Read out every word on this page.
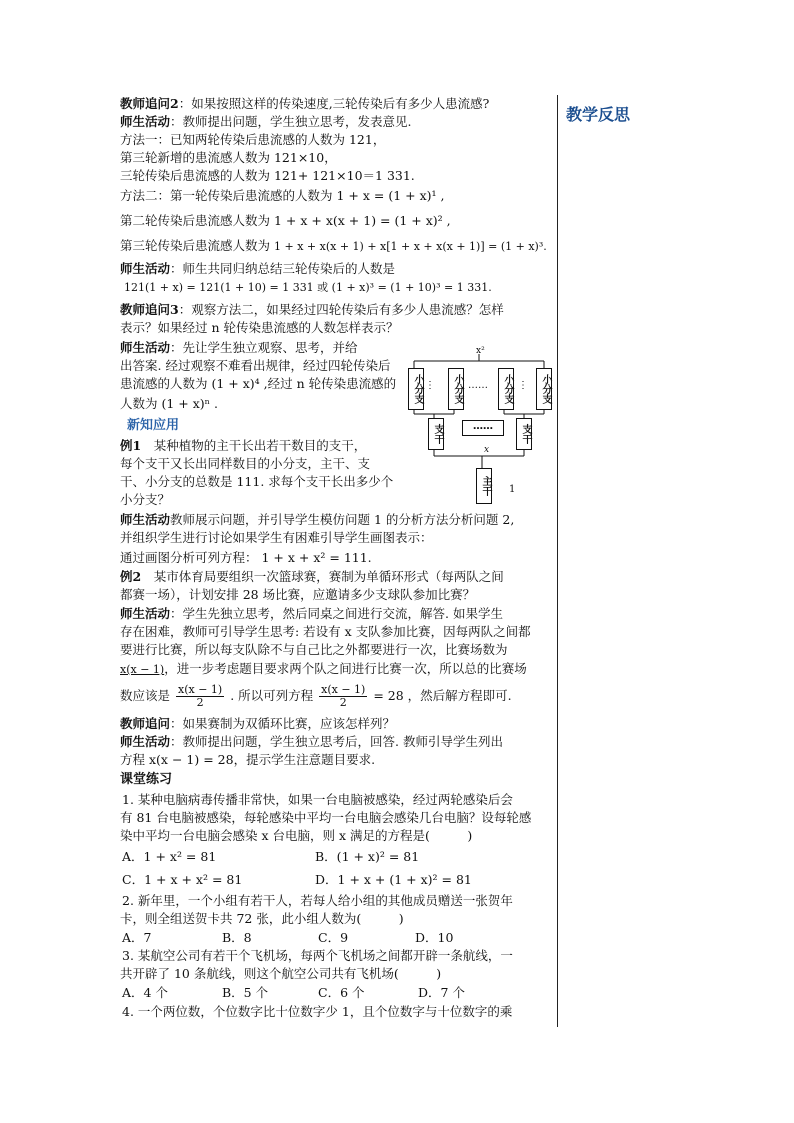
教学反思
教师追问2：如果按照这样的传染速度,三轮传染后有多少人患流感?
师生活动：教师提出问题，学生独立思考，发表意见.
方法一：已知两轮传染后患流感的人数为 121，
第三轮新增的患流感人数为 121×10，
三轮传染后患流感的人数为 121+ 121×10＝1 331.
方法二：第一轮传染后患流感的人数为 1 + x = (1 + x)¹ ,
第二轮传染后患流感人数为 1 + x + x(x + 1) = (1 + x)² ,
第三轮传染后患流感人数为 1 + x + x(x + 1) + x[1 + x + x(x + 1)] = (1 + x)³.
师生活动：师生共同归纳总结三轮传染后的人数是
121(1 + x) = 121(1 + 10) = 1 331 或 (1 + x)³ = (1 + 10)³ = 1 331.
教师追问3：观察方法二，如果经过四轮传染后有多少人患流感？怎样
表示？如果经过 n 轮传染患流感的人数怎样表示？
师生活动：先让学生独立观察、思考，并给
出答案. 经过观察不难看出规律，经过四轮传染后
患流感的人数为 (1 + x)⁴ ,经过 n 轮传染患流感的
人数为 (1 + x)ⁿ .
新知应用
例1　某种植物的主干长出若干数目的支干，
每个支干又长出同样数目的小分支，主干、支
干、小分支的总数是 111. 求每个支干长出多少个
小分支？
师生活动教师展示问题，并引导学生模仿问题 1 的分析方法分析问题 2,
并组织学生进行讨论如果学生有困难引导学生画图表示：
通过画图分析可列方程： 1 + x + x² = 111.
例2　某市体育局要组织一次篮球赛，赛制为单循环形式（每两队之间
都赛一场），计划安排 28 场比赛，应邀请多少支球队参加比赛？
师生活动：学生先独立思考，然后同桌之间进行交流，解答. 如果学生
存在困难，教师可引导学生思考: 若设有 x 支队参加比赛，因每两队之间都
要进行比赛，所以每支队除不与自己比之外都要进行一次，比赛场数为
x(x − 1)，进一步考虑题目要求两个队之间进行比赛一次，所以总的比赛场
数应该是 $\frac{x(x - 1)}{2}$ . 所以可列方程 $\frac{x(x - 1)}{2} = 28$ ，然后解方程即可.
教师追问：如果赛制为双循环比赛，应该怎样列？
师生活动：教师提出问题，学生独立思考后，回答. 教师引导学生列出
方程 x(x − 1) = 28，提示学生注意题目要求.
课堂练习
1. 某种电脑病毒传播非常快，如果一台电脑被感染，经过两轮感染后会
有 81 台电脑被感染，每轮感染中平均一台电脑会感染几台电脑？设每轮感
染中平均一台电脑会感染 x 台电脑，则 x 满足的方程是(　　　)
A．1 + x² = 81	B．(1 + x)² = 81
C．1 + x + x² = 81	D．1 + x + (1 + x)² = 81
2. 新年里，一个小组有若干人，若每人给小组的其他成员赠送一张贺年
卡，则全组送贺卡共 72 张，此小组人数为(　　　)
A．7	B．8	C．9	D．10
3. 某航空公司有若干个飞机场，每两个飞机场之间都开辟一条航线，一
共开辟了 10 条航线，则这个航空公司共有飞机场(　　　)
A．4 个	B．5 个	C．6 个	D．7 个
4. 一个两位数，个位数字比十位数字少 1，且个位数字与十位数字的乘
x²
小分支 ⋮	小分支 ……	小分支 ⋮	小分支
支干	……	支干
x
主干 1
